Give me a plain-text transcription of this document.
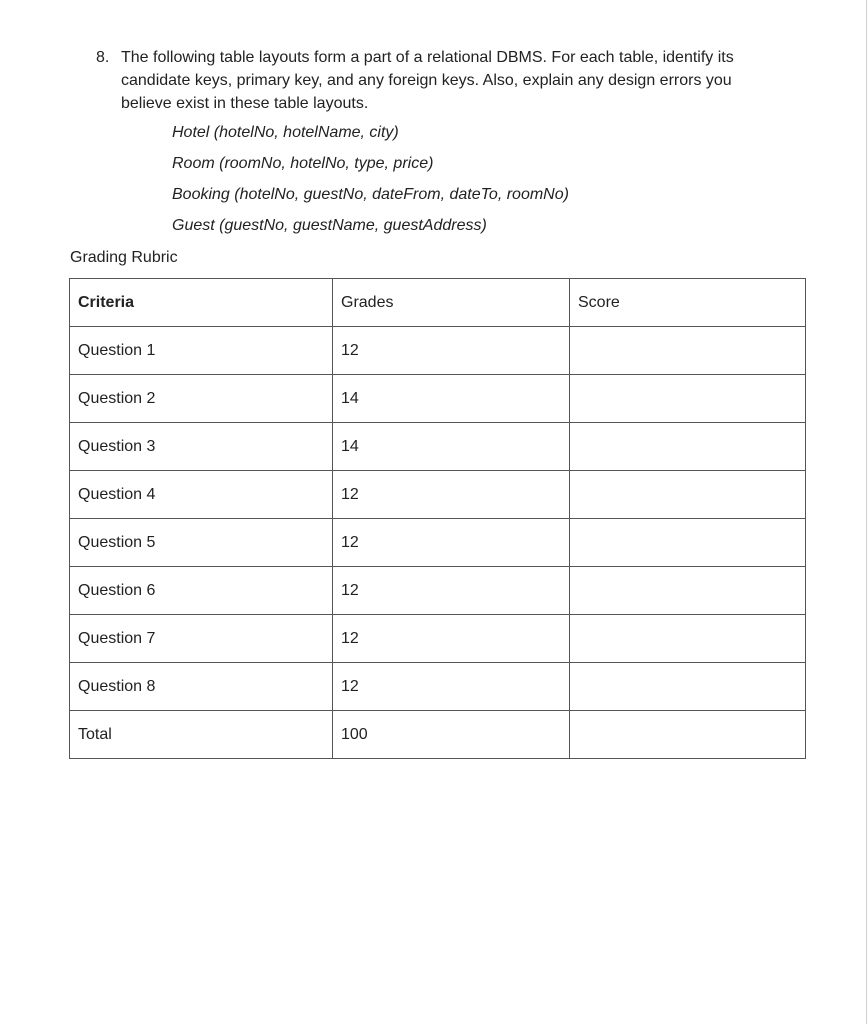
8. The following table layouts form a part of a relational DBMS. For each table, identify its candidate keys, primary key, and any foreign keys. Also, explain any design errors you believe exist in these table layouts.
Hotel (hotelNo, hotelName, city)
Room (roomNo, hotelNo, type, price)
Booking (hotelNo, guestNo, dateFrom, dateTo, roomNo)
Guest (guestNo, guestName, guestAddress)
Grading Rubric
Criteria	Grades	Score
Question 1	12	
Question 2	14	
Question 3	14	
Question 4	12	
Question 5	12	
Question 6	12	
Question 7	12	
Question 8	12	
Total	100	
